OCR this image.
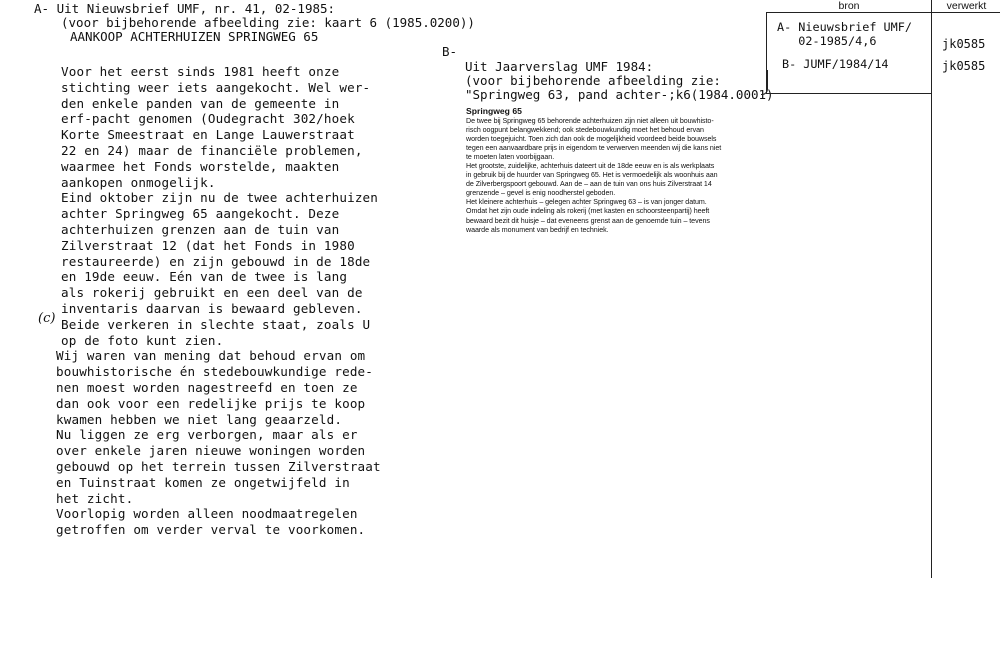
A- Uit Nieuwsbrief UMF, nr. 41, 02-1985:
(voor bijbehorende afbeelding zie: kaart 6 (1985.0200))
AANKOOP ACHTERHUIZEN SPRINGWEG 65
Voor het eerst sinds 1981 heeft onze
stichting weer iets aangekocht. Wel wer-
den enkele panden van de gemeente in
erf-pacht genomen (Oudegracht 302/hoek
Korte Smeestraat en Lange Lauwerstraat
22 en 24) maar de financiële problemen,
waarmee het Fonds worstelde, maakten
aankopen onmogelijk.
Eind oktober zijn nu de twee achterhuizen
achter Springweg 65 aangekocht. Deze
achterhuizen grenzen aan de tuin van
Zilverstraat 12 (dat het Fonds in 1980
restaureerde) en zijn gebouwd in de 18de
en 19de eeuw. Eén van de twee is lang
als rokerij gebruikt en een deel van de
inventaris daarvan is bewaard gebleven.
Beide verkeren in slechte staat, zoals U
op de foto kunt zien.
Wij waren van mening dat behoud ervan om
bouwhistorische én stedebouwkundige rede-
nen moest worden nagestreefd en toen ze
dan ook voor een redelijke prijs te koop
kwamen hebben we niet lang geaarzeld.
Nu liggen ze erg verborgen, maar als er
over enkele jaren nieuwe woningen worden
gebouwd op het terrein tussen Zilverstraat
en Tuinstraat komen ze ongetwijfeld in
het zicht.
Voorlopig worden alleen noodmaatregelen
getroffen om verder verval te voorkomen.
(c)
B-
Uit Jaarverslag UMF 1984:
(voor bijbehorende afbeelding zie:
"Springweg 63, pand achter-;k6(1984.0001)
Springweg 65
De twee bij Springweg 65 behorende achterhuizen zijn niet alleen uit bouwhisto-
risch oogpunt belangwekkend; ook stedebouwkundig moet het behoud ervan
worden toegejuicht. Toen zich dan ook de mogelijkheid voordeed beide bouwsels
tegen een aanvaardbare prijs in eigendom te verwerven meenden wij die kans niet
te moeten laten voorbijgaan.
Het grootste, zuidelijke, achterhuis dateert uit de 18de eeuw en is als werkplaats
in gebruik bij de huurder van Springweg 65. Het is vermoedelijk als woonhuis aan
de Zilverbergspoort gebouwd. Aan de – aan de tuin van ons huis Zilverstraat 14
grenzende – gevel is enig noodherstel geboden.
Het kleinere achterhuis – gelegen achter Springweg 63 – is van jonger datum.
Omdat het zijn oude indeling als rokerij (met kasten en schoorsteenpartij) heeft
bewaard bezit dit huisje – dat eveneens grenst aan de genoemde tuin – tevens
waarde als monument van bedrijf en techniek.
bron	verwerkt
A- Nieuwsbrief UMF/
02-1985/4,6
B- JUMF/1984/14
jk0585
jk0585
